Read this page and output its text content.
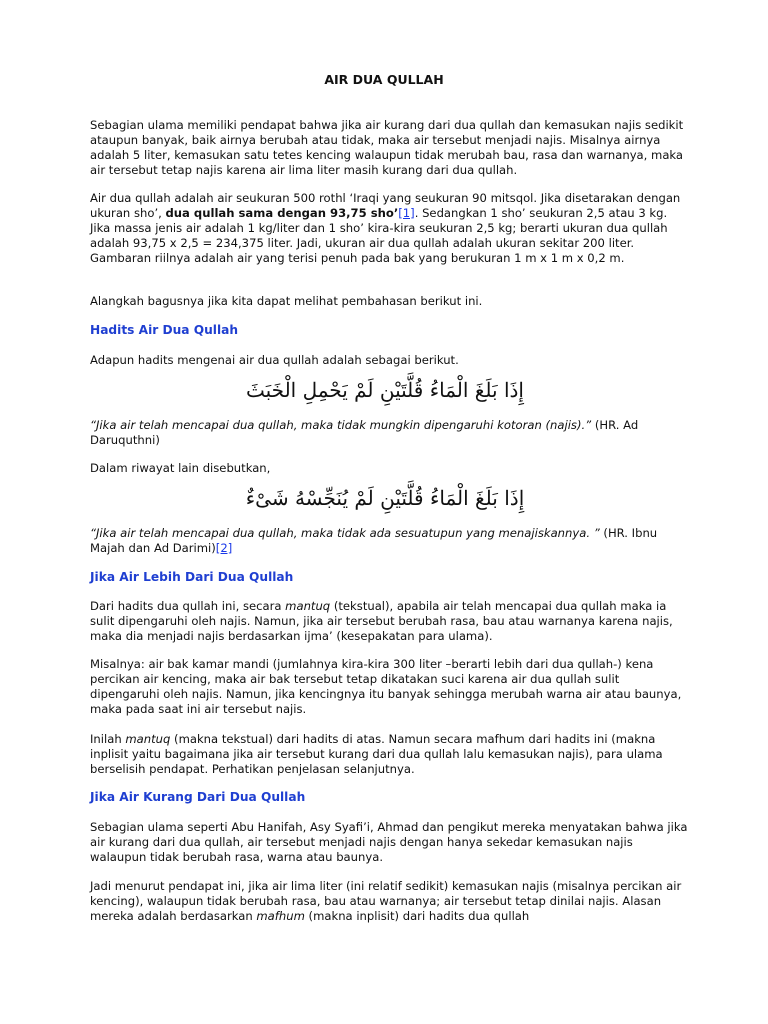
AIR DUA QULLAH

Sebagian ulama memiliki pendapat bahwa jika air kurang dari dua qullah dan kemasukan najis sedikit ataupun banyak, baik airnya berubah atau tidak, maka air tersebut menjadi najis. Misalnya airnya adalah 5 liter, kemasukan satu tetes kencing walaupun tidak merubah bau, rasa dan warnanya, maka air tersebut tetap najis karena air lima liter masih kurang dari dua qullah.

Air dua qullah adalah air seukuran 500 rothl ‘Iraqi yang seukuran 90 mitsqol. Jika disetarakan dengan ukuran sho’, dua qullah sama dengan 93,75 sho’[1]. Sedangkan 1 sho’ seukuran 2,5 atau 3 kg. Jika massa jenis air adalah 1 kg/liter dan 1 sho’ kira-kira seukuran 2,5 kg; berarti ukuran dua qullah adalah 93,75 x 2,5 = 234,375 liter. Jadi, ukuran air dua qullah adalah ukuran sekitar 200 liter. Gambaran riilnya adalah air yang terisi penuh pada bak yang berukuran 1 m x 1 m x 0,2 m.

Alangkah bagusnya jika kita dapat melihat pembahasan berikut ini.

Hadits Air Dua Qullah

Adapun hadits mengenai air dua qullah adalah sebagai berikut.

إِذَا بَلَغَ الْمَاءُ قُلَّتَيْنِ لَمْ يَحْمِلِ الْخَبَثَ

“Jika air telah mencapai dua qullah, maka tidak mungkin dipengaruhi kotoran (najis).” (HR. Ad Daruquthni)

Dalam riwayat lain disebutkan,

إِذَا بَلَغَ الْمَاءُ قُلَّتَيْنِ لَمْ يُنَجِّسْهُ شَىْءٌ

“Jika air telah mencapai dua qullah, maka tidak ada sesuatupun yang menajiskannya. ” (HR. Ibnu Majah dan Ad Darimi)[2]

Jika Air Lebih Dari Dua Qullah

Dari hadits dua qullah ini, secara mantuq (tekstual), apabila air telah mencapai dua qullah maka ia sulit dipengaruhi oleh najis. Namun, jika air tersebut berubah rasa, bau atau warnanya karena najis, maka dia menjadi najis berdasarkan ijma’ (kesepakatan para ulama).

Misalnya: air bak kamar mandi (jumlahnya kira-kira 300 liter –berarti lebih dari dua qullah-) kena percikan air kencing, maka air bak tersebut tetap dikatakan suci karena air dua qullah sulit dipengaruhi oleh najis. Namun, jika kencingnya itu banyak sehingga merubah warna air atau baunya, maka pada saat ini air tersebut najis.

Inilah mantuq (makna tekstual) dari hadits di atas. Namun secara mafhum dari hadits ini (makna inplisit yaitu bagaimana jika air tersebut kurang dari dua qullah lalu kemasukan najis), para ulama berselisih pendapat. Perhatikan penjelasan selanjutnya.

Jika Air Kurang Dari Dua Qullah

Sebagian ulama seperti Abu Hanifah, Asy Syafi’i, Ahmad dan pengikut mereka menyatakan bahwa jika air kurang dari dua qullah, air tersebut menjadi najis dengan hanya sekedar kemasukan najis walaupun tidak berubah rasa, warna atau baunya.

Jadi menurut pendapat ini, jika air lima liter (ini relatif sedikit) kemasukan najis (misalnya percikan air kencing), walaupun tidak berubah rasa, bau atau warnanya; air tersebut tetap dinilai najis. Alasan mereka adalah berdasarkan mafhum (makna inplisit) dari hadits dua qullah
